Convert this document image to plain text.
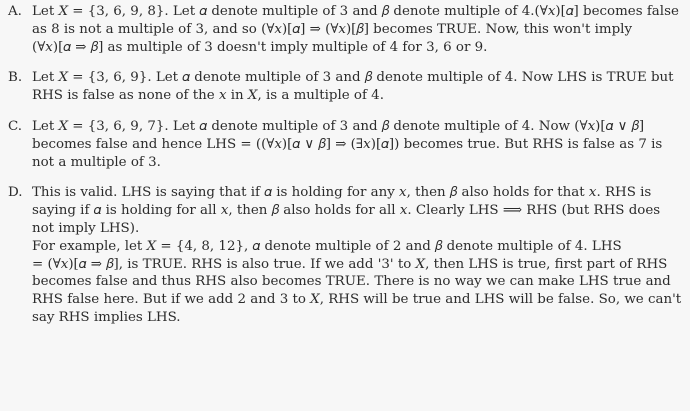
A. Let 𝑋 = {3, 6, 9, 8}. Let 𝛼 denote multiple of 3 and 𝛽 denote multiple of 4.(∀𝑥)[𝛼] becomes false
as 8 is not a multiple of 3, and so (∀𝑥)[𝛼] ⇒ (∀𝑥)[𝛽] becomes TRUE. Now, this won't imply
(∀𝑥)[𝛼 ⇒ 𝛽] as multiple of 3 doesn't imply multiple of 4 for 3, 6 or 9.
B. Let 𝑋 = {3, 6, 9}. Let 𝛼 denote multiple of 3 and 𝛽 denote multiple of 4. Now LHS is TRUE but
RHS is false as none of the 𝑥 in 𝑋, is a multiple of 4.
C. Let 𝑋 = {3, 6, 9, 7}. Let 𝛼 denote multiple of 3 and 𝛽 denote multiple of 4. Now (∀𝑥)[𝛼 ∨ 𝛽]
becomes false and hence LHS = ((∀𝑥)[𝛼 ∨ 𝛽] ⇒ (∃𝑥)[𝛼]) becomes true. But RHS is false as 7 is
not a multiple of 3.
D. This is valid. LHS is saying that if 𝛼 is holding for any 𝑥, then 𝛽 also holds for that 𝑥. RHS is
saying if 𝛼 is holding for all 𝑥, then 𝛽 also holds for all 𝑥. Clearly LHS ⟹ RHS (but RHS does
not imply LHS).
For example, let 𝑋 = {4, 8, 12}, 𝛼 denote multiple of 2 and 𝛽 denote multiple of 4. LHS
= (∀𝑥)[𝛼 ⇒ 𝛽], is TRUE. RHS is also true. If we add '3' to 𝑋, then LHS is true, first part of RHS
becomes false and thus RHS also becomes TRUE. There is no way we can make LHS true and
RHS false here. But if we add 2 and 3 to 𝑋, RHS will be true and LHS will be false. So, we can't
say RHS implies LHS.
